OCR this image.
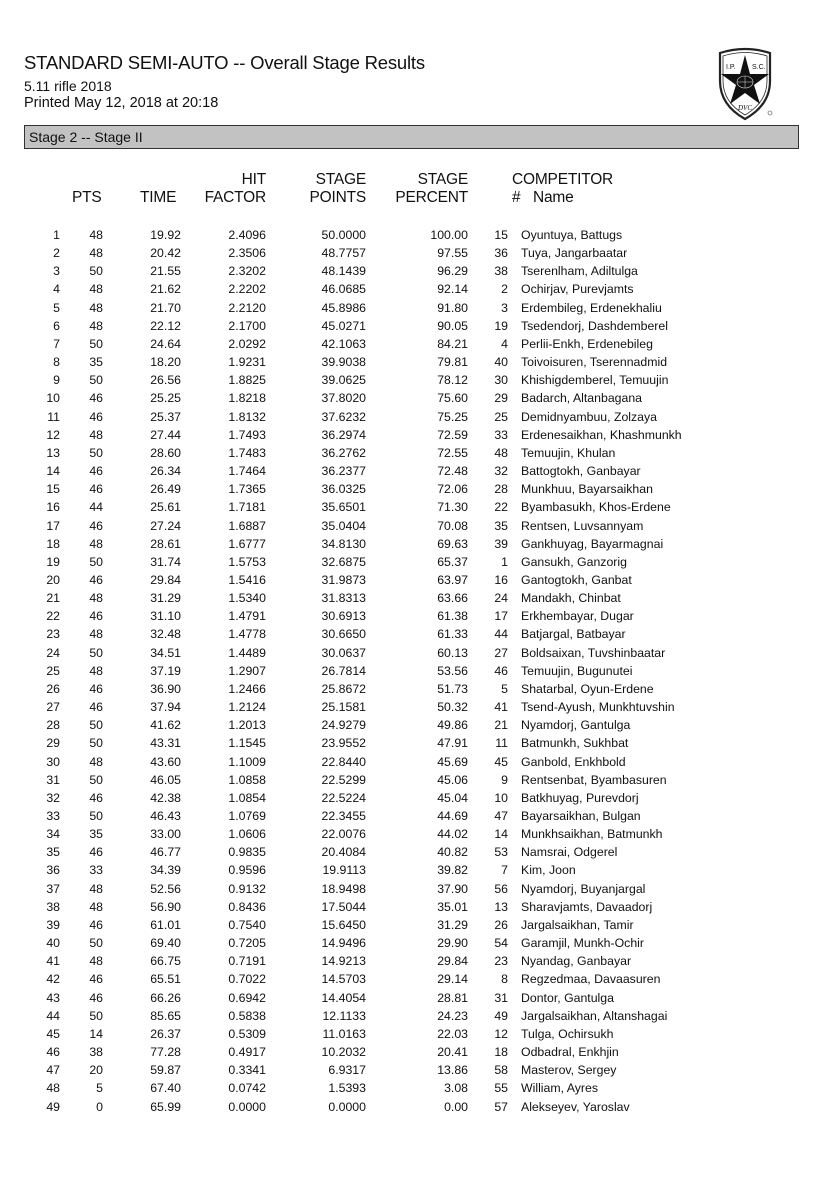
STANDARD SEMI-AUTO -- Overall Stage Results
5.11 rifle 2018
Printed May 12, 2018 at 20:18
I.P. S.C.
DVC
Stage 2 -- Stage II
PTS TIME
HIT
FACTOR
STAGE
POINTS
STAGE
PERCENT
COMPETITOR
# Name
1	48	19.92	2.4096	50.0000	100.00	15	Oyuntuya, Battugs
2	48	20.42	2.3506	48.7757	97.55	36	Tuya, Jangarbaatar
3	50	21.55	2.3202	48.1439	96.29	38	Tserenlham, Adiltulga
4	48	21.62	2.2202	46.0685	92.14	2	Ochirjav, Purevjamts
5	48	21.70	2.2120	45.8986	91.80	3	Erdembileg, Erdenekhaliu
6	48	22.12	2.1700	45.0271	90.05	19	Tsedendorj, Dashdemberel
7	50	24.64	2.0292	42.1063	84.21	4	Perlii-Enkh, Erdenebileg
8	35	18.20	1.9231	39.9038	79.81	40	Toivoisuren, Tserennadmid
9	50	26.56	1.8825	39.0625	78.12	30	Khishigdemberel, Temuujin
10	46	25.25	1.8218	37.8020	75.60	29	Badarch, Altanbagana
11	46	25.37	1.8132	37.6232	75.25	25	Demidnyambuu, Zolzaya
12	48	27.44	1.7493	36.2974	72.59	33	Erdenesaikhan, Khashmunkh
13	50	28.60	1.7483	36.2762	72.55	48	Temuujin, Khulan
14	46	26.34	1.7464	36.2377	72.48	32	Battogtokh, Ganbayar
15	46	26.49	1.7365	36.0325	72.06	28	Munkhuu, Bayarsaikhan
16	44	25.61	1.7181	35.6501	71.30	22	Byambasukh, Khos-Erdene
17	46	27.24	1.6887	35.0404	70.08	35	Rentsen, Luvsannyam
18	48	28.61	1.6777	34.8130	69.63	39	Gankhuyag, Bayarmagnai
19	50	31.74	1.5753	32.6875	65.37	1	Gansukh, Ganzorig
20	46	29.84	1.5416	31.9873	63.97	16	Gantogtokh, Ganbat
21	48	31.29	1.5340	31.8313	63.66	24	Mandakh, Chinbat
22	46	31.10	1.4791	30.6913	61.38	17	Erkhembayar, Dugar
23	48	32.48	1.4778	30.6650	61.33	44	Batjargal, Batbayar
24	50	34.51	1.4489	30.0637	60.13	27	Boldsaixan, Tuvshinbaatar
25	48	37.19	1.2907	26.7814	53.56	46	Temuujin, Bugunutei
26	46	36.90	1.2466	25.8672	51.73	5	Shatarbal, Oyun-Erdene
27	46	37.94	1.2124	25.1581	50.32	41	Tsend-Ayush, Munkhtuvshin
28	50	41.62	1.2013	24.9279	49.86	21	Nyamdorj, Gantulga
29	50	43.31	1.1545	23.9552	47.91	11	Batmunkh, Sukhbat
30	48	43.60	1.1009	22.8440	45.69	45	Ganbold, Enkhbold
31	50	46.05	1.0858	22.5299	45.06	9	Rentsenbat, Byambasuren
32	46	42.38	1.0854	22.5224	45.04	10	Batkhuyag, Purevdorj
33	50	46.43	1.0769	22.3455	44.69	47	Bayarsaikhan, Bulgan
34	35	33.00	1.0606	22.0076	44.02	14	Munkhsaikhan, Batmunkh
35	46	46.77	0.9835	20.4084	40.82	53	Namsrai, Odgerel
36	33	34.39	0.9596	19.9113	39.82	7	Kim, Joon
37	48	52.56	0.9132	18.9498	37.90	56	Nyamdorj, Buyanjargal
38	48	56.90	0.8436	17.5044	35.01	13	Sharavjamts, Davaadorj
39	46	61.01	0.7540	15.6450	31.29	26	Jargalsaikhan, Tamir
40	50	69.40	0.7205	14.9496	29.90	54	Garamjil, Munkh-Ochir
41	48	66.75	0.7191	14.9213	29.84	23	Nyandag, Ganbayar
42	46	65.51	0.7022	14.5703	29.14	8	Regzedmaa, Davaasuren
43	46	66.26	0.6942	14.4054	28.81	31	Dontor, Gantulga
44	50	85.65	0.5838	12.1133	24.23	49	Jargalsaikhan, Altanshagai
45	14	26.37	0.5309	11.0163	22.03	12	Tulga, Ochirsukh
46	38	77.28	0.4917	10.2032	20.41	18	Odbadral, Enkhjin
47	20	59.87	0.3341	6.9317	13.86	58	Masterov, Sergey
48	5	67.40	0.0742	1.5393	3.08	55	William, Ayres
49	0	65.99	0.0000	0.0000	0.00	57	Alekseyev, Yaroslav
